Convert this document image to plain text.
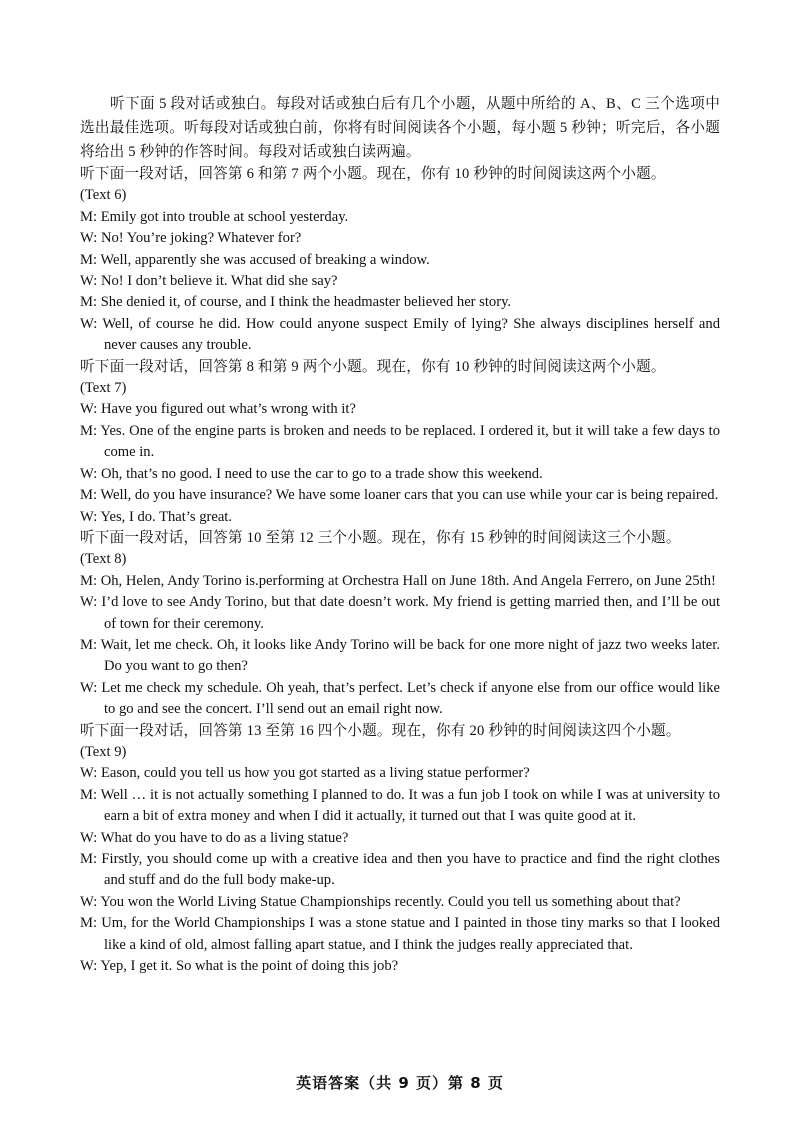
听下面 5 段对话或独白。每段对话或独白后有几个小题，从题中所给的 A、B、C 三个选项中选出最佳选项。听每段对话或独白前，你将有时间阅读各个小题，每小题 5 秒钟；听完后，各小题将给出 5 秒钟的作答时间。每段对话或独白读两遍。

听下面一段对话，回答第 6 和第 7 两个小题。现在，你有 10 秒钟的时间阅读这两个小题。

(Text 6)

M: Emily got into trouble at school yesterday.

W: No! You’re joking? Whatever for?

M: Well, apparently she was accused of breaking a window.

W: No! I don’t believe it. What did she say?

M: She denied it, of course, and I think the headmaster believed her story.

W: Well, of course he did. How could anyone suspect Emily of lying? She always disciplines herself and never causes any trouble.

听下面一段对话，回答第 8 和第 9 两个小题。现在，你有 10 秒钟的时间阅读这两个小题。

(Text 7)

W: Have you figured out what’s wrong with it?

M: Yes. One of the engine parts is broken and needs to be replaced. I ordered it, but it will take a few days to come in.

W: Oh, that’s no good. I need to use the car to go to a trade show this weekend.

M: Well, do you have insurance? We have some loaner cars that you can use while your car is being repaired.

W: Yes, I do. That’s great.

听下面一段对话，回答第 10 至第 12 三个小题。现在，你有 15 秒钟的时间阅读这三个小题。

(Text 8)

M: Oh, Helen, Andy Torino is.performing at Orchestra Hall on June 18th. And Angela Ferrero, on June 25th!

W: I’d love to see Andy Torino, but that date doesn’t work. My friend is getting married then, and I’ll be out of town for their ceremony.

M: Wait, let me check. Oh, it looks like Andy Torino will be back for one more night of jazz two weeks later. Do you want to go then?

W: Let me check my schedule. Oh yeah, that’s perfect. Let’s check if anyone else from our office would like to go and see the concert. I’ll send out an email right now.

听下面一段对话，回答第 13 至第 16 四个小题。现在，你有 20 秒钟的时间阅读这四个小题。

(Text 9)

W: Eason, could you tell us how you got started as a living statue performer?

M: Well … it is not actually something I planned to do. It was a fun job I took on while I was at university to earn a bit of extra money and when I did it actually, it turned out that I was quite good at it.

W: What do you have to do as a living statue?

M: Firstly, you should come up with a creative idea and then you have to practice and find the right clothes and stuff and do the full body make-up.

W: You won the World Living Statue Championships recently. Could you tell us something about that?

M: Um, for the World Championships I was a stone statue and I painted in those tiny marks so that I looked like a kind of old, almost falling apart statue, and I think the judges really appreciated that.

W: Yep, I get it. So what is the point of doing this job?

英语答案（共 9 页）第 8 页
